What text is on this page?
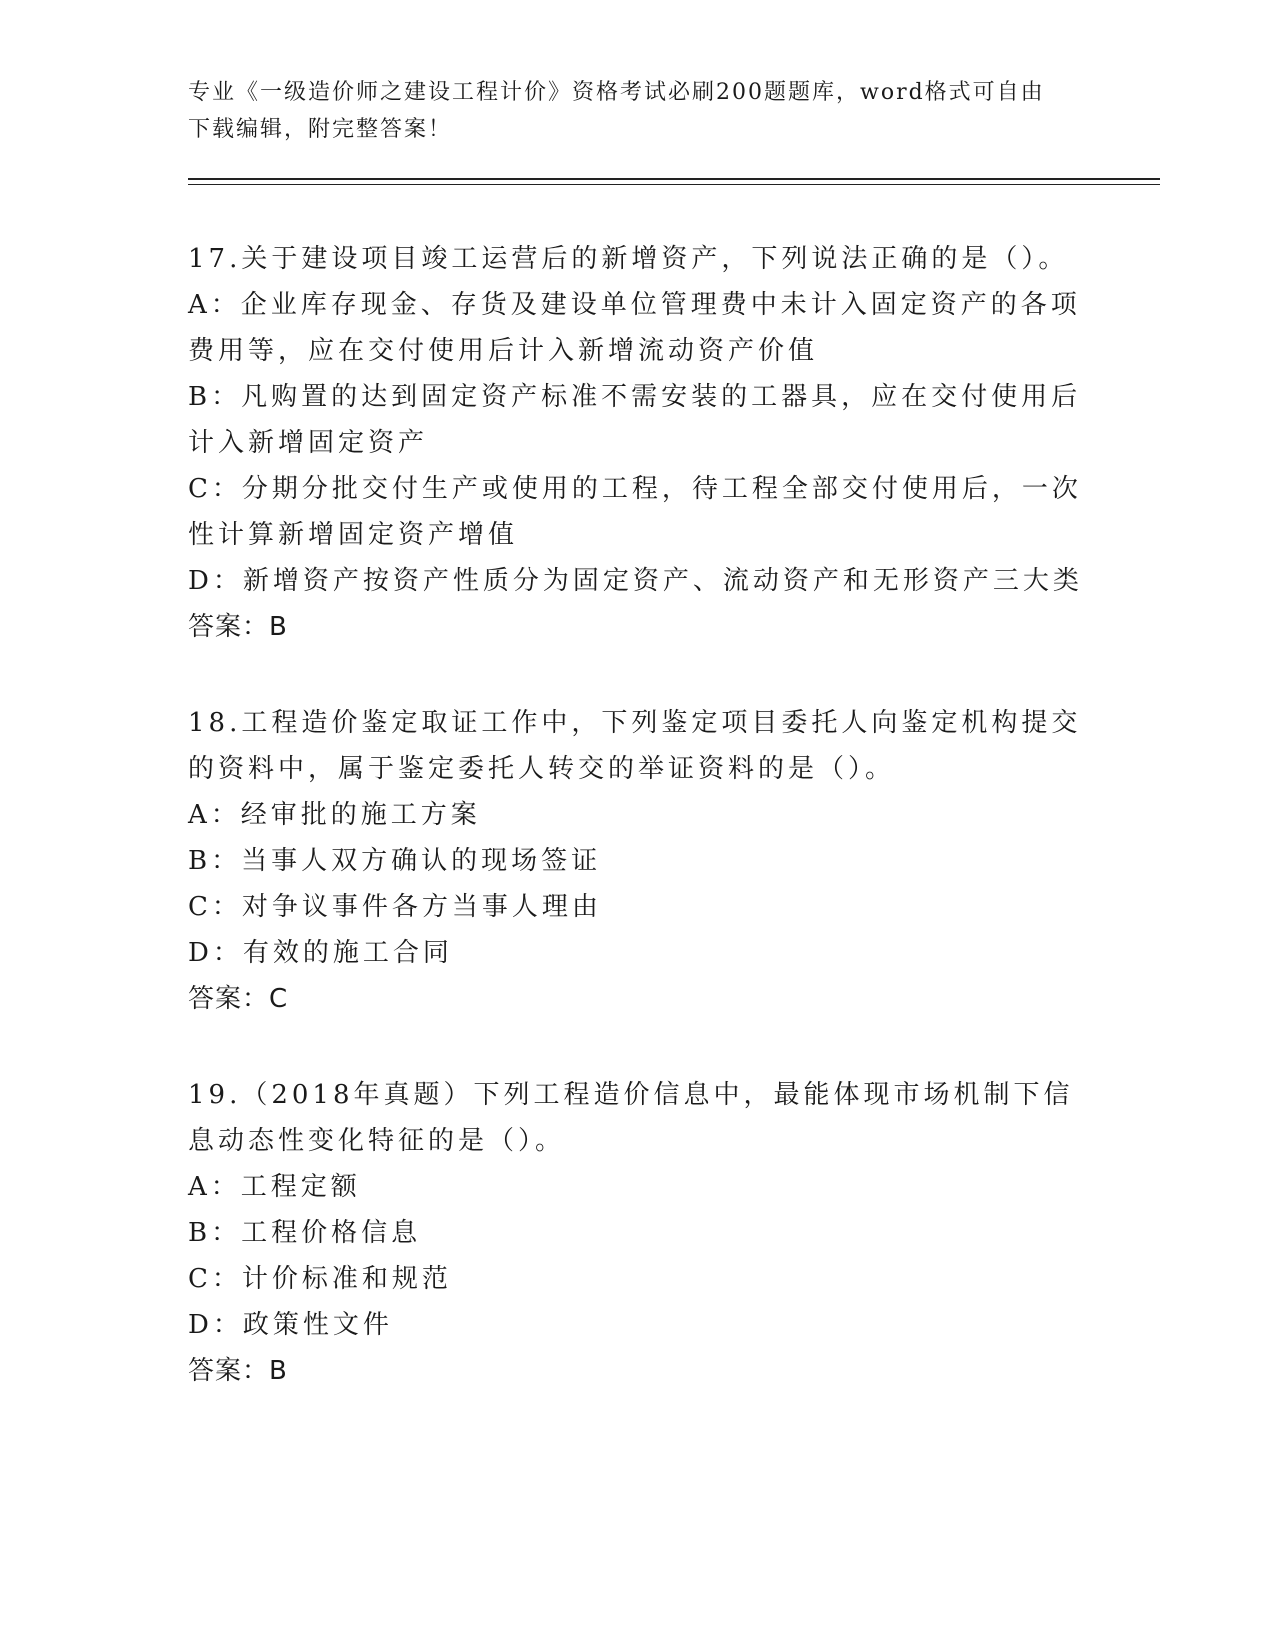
专业《一级造价师之建设工程计价》资格考试必刷200题题库，word格式可自由
下载编辑，附完整答案！

17.关于建设项目竣工运营后的新增资产，下列说法正确的是（）。

A：企业库存现金、存货及建设单位管理费中未计入固定资产的各项费用等，应在交付使用后计入新增流动资产价值

B：凡购置的达到固定资产标准不需安装的工器具，应在交付使用后计入新增固定资产

C：分期分批交付生产或使用的工程，待工程全部交付使用后，一次性计算新增固定资产增值

D：新增资产按资产性质分为固定资产、流动资产和无形资产三大类

答案：B

18.工程造价鉴定取证工作中，下列鉴定项目委托人向鉴定机构提交的资料中，属于鉴定委托人转交的举证资料的是（）。

A：经审批的施工方案

B：当事人双方确认的现场签证

C：对争议事件各方当事人理由

D：有效的施工合同

答案：C

19.（2018年真题）下列工程造价信息中，最能体现市场机制下信息动态性变化特征的是（）。

A：工程定额

B：工程价格信息

C：计价标准和规范

D：政策性文件

答案：B
